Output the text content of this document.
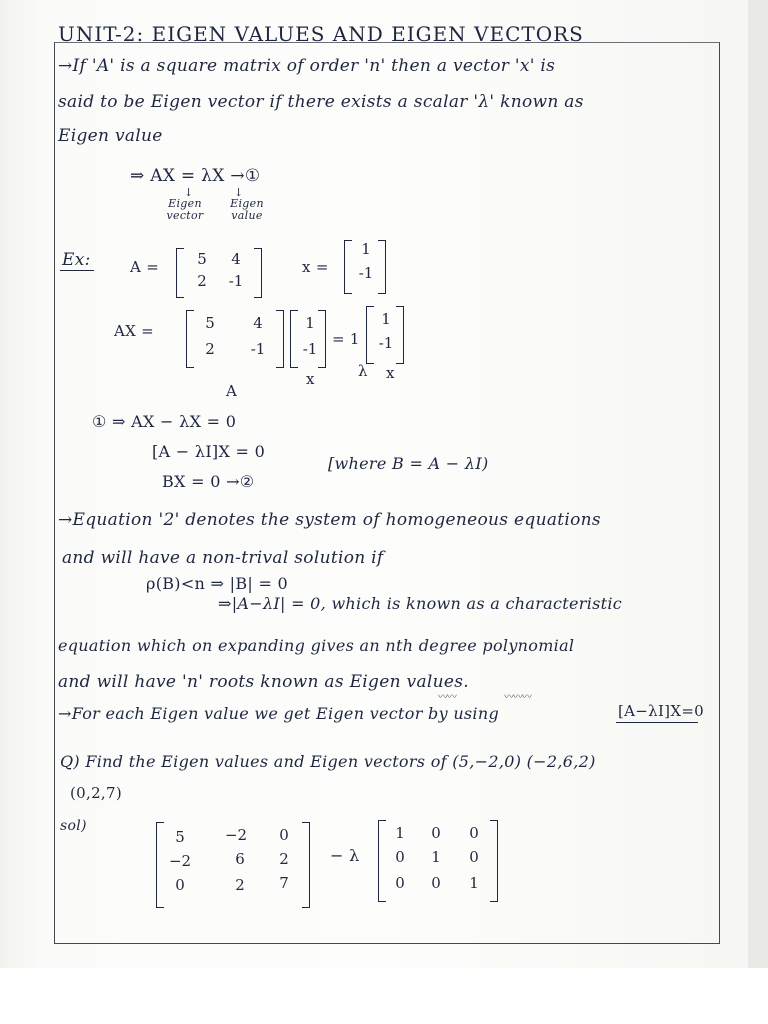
UNIT-2: EIGEN VALUES AND EIGEN VECTORS
→If 'A' is a square matrix of order 'n' then a vector 'x' is
said to be Eigen vector if there exists a scalar 'λ' known as
Eigen value
⇒ AX = λX →①
↓	↓
Eigen
vector
Eigen
value
Ex:	A =	5	4
2	-1
x =
1
-1
AX =	5	4
2	-1
1
-1
= 1
1
-1
A
x	λ x
① ⇒ AX − λX = 0
[A − λI]X = 0
BX = 0 →②
[where B = A − λI)
→Equation '2' denotes the system of homogeneous equations
and will have a non-trival solution if
ρ(B)<n ⇒ |B| = 0
⇒|A−λI| = 0, which is known as a characteristic
equation which on expanding gives an nth degree polynomial
and will have 'n' roots known as Eigen values.
〰〰	〰〰〰
→For each Eigen value we get Eigen vector by using	[A−λI]X=0
Q) Find the Eigen values and Eigen vectors of (5,−2,0) (−2,6,2)
(0,2,7)
sol)
5	−2	0
−2	6	2
0	2	7
− λ
1	0	0
0	1	0
0	0	1
